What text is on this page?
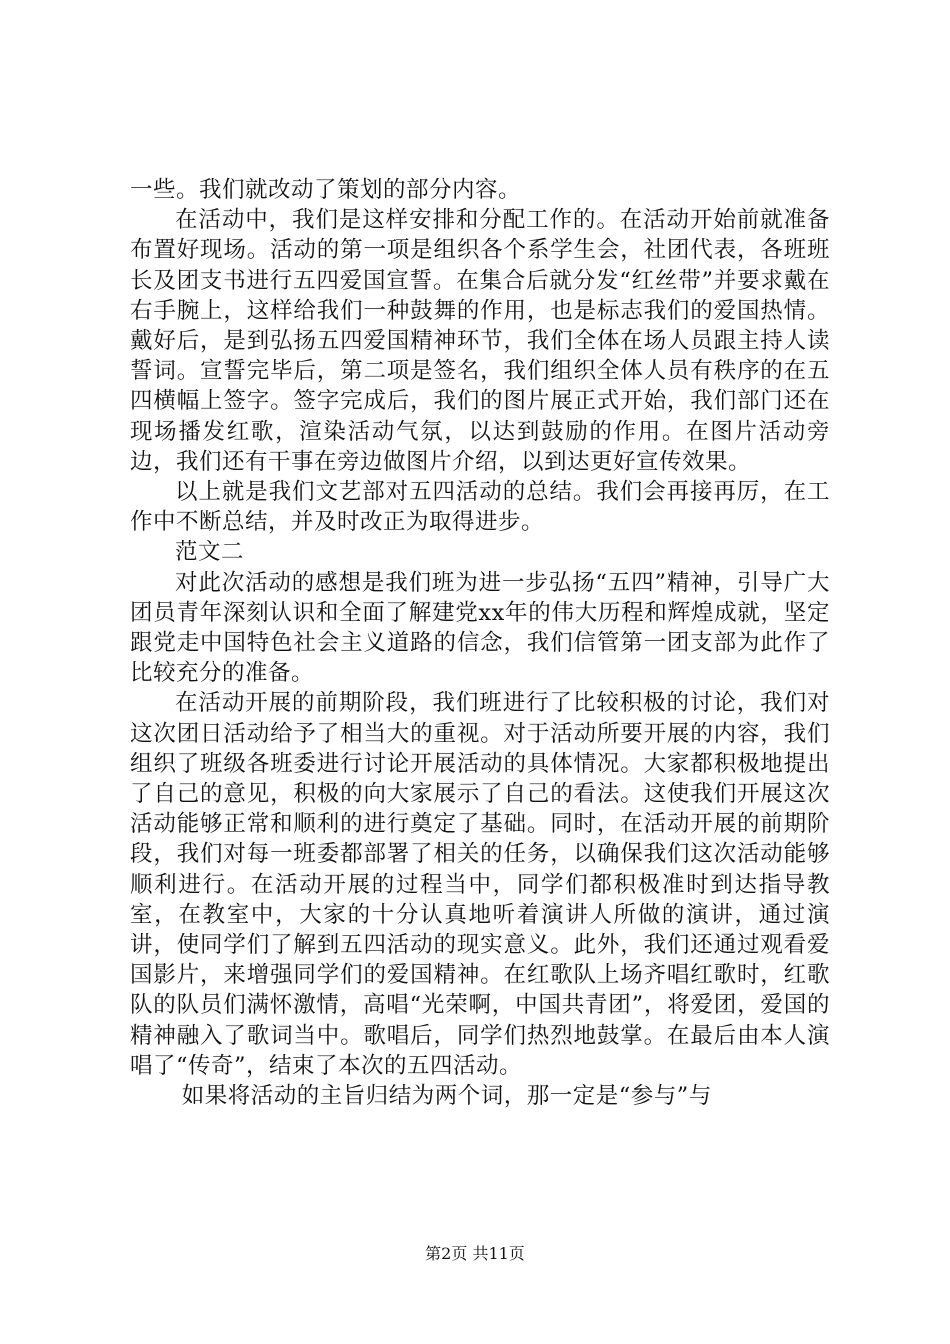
一些。我们就改动了策划的部分内容。

在活动中，我们是这样安排和分配工作的。在活动开始前就准备布置好现场。活动的第一项是组织各个系学生会，社团代表，各班班长及团支书进行五四爱国宣誓。在集合后就分发“红丝带”并要求戴在右手腕上，这样给我们一种鼓舞的作用，也是标志我们的爱国热情。戴好后，是到弘扬五四爱国精神环节，我们全体在场人员跟主持人读誓词。宣誓完毕后，第二项是签名，我们组织全体人员有秩序的在五四横幅上签字。签字完成后，我们的图片展正式开始，我们部门还在现场播发红歌，渲染活动气氛，以达到鼓励的作用。在图片活动旁边，我们还有干事在旁边做图片介绍，以到达更好宣传效果。

以上就是我们文艺部对五四活动的总结。我们会再接再厉，在工作中不断总结，并及时改正为取得进步。

范文二

对此次活动的感想是我们班为进一步弘扬“五四”精神，引导广大团员青年深刻认识和全面了解建党xx年的伟大历程和辉煌成就，坚定跟党走中国特色社会主义道路的信念，我们信管第一团支部为此作了比较充分的准备。

在活动开展的前期阶段，我们班进行了比较积极的讨论，我们对这次团日活动给予了相当大的重视。对于活动所要开展的内容，我们组织了班级各班委进行讨论开展活动的具体情况。大家都积极地提出了自己的意见，积极的向大家展示了自己的看法。这使我们开展这次活动能够正常和顺利的进行奠定了基础。同时，在活动开展的前期阶段，我们对每一班委都部署了相关的任务，以确保我们这次活动能够顺利进行。在活动开展的过程当中，同学们都积极准时到达指导教室，在教室中，大家的十分认真地听着演讲人所做的演讲，通过演讲，使同学们了解到五四活动的现实意义。此外，我们还通过观看爱国影片，来增强同学们的爱国精神。在红歌队上场齐唱红歌时，红歌队的队员们满怀激情，高唱“光荣啊，中国共青团”，将爱团，爱国的精神融入了歌词当中。歌唱后，同学们热烈地鼓掌。在最后由本人演唱了“传奇”，结束了本次的五四活动。

如果将活动的主旨归结为两个词，那一定是“参与”与

第2页 共11页
